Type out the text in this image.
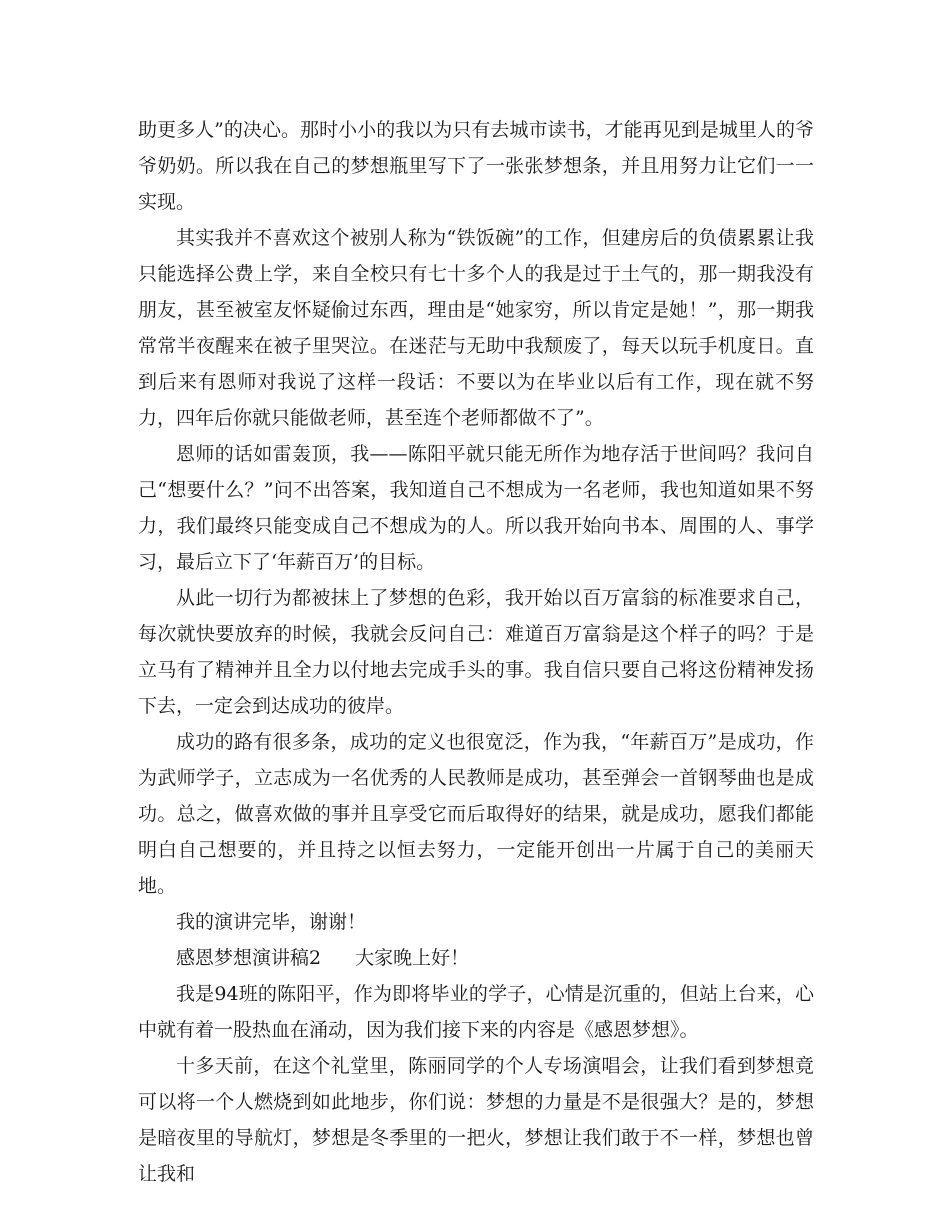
助更多人”的决心。那时小小的我以为只有去城市读书，才能再见到是城里人的爷爷奶奶。所以我在自己的梦想瓶里写下了一张张梦想条，并且用努力让它们一一实现。

其实我并不喜欢这个被别人称为“铁饭碗”的工作，但建房后的负债累累让我只能选择公费上学，来自全校只有七十多个人的我是过于土气的，那一期我没有朋友，甚至被室友怀疑偷过东西，理由是“她家穷，所以肯定是她！”，那一期我常常半夜醒来在被子里哭泣。在迷茫与无助中我颓废了，每天以玩手机度日。直到后来有恩师对我说了这样一段话：不要以为在毕业以后有工作，现在就不努力，四年后你就只能做老师，甚至连个老师都做不了”。

恩师的话如雷轰顶，我——陈阳平就只能无所作为地存活于世间吗？我问自己“想要什么？”问不出答案，我知道自己不想成为一名老师，我也知道如果不努力，我们最终只能变成自己不想成为的人。所以我开始向书本、周围的人、事学习，最后立下了‘年薪百万’的目标。

从此一切行为都被抹上了梦想的色彩，我开始以百万富翁的标准要求自己，每次就快要放弃的时候，我就会反问自己：难道百万富翁是这个样子的吗？于是立马有了精神并且全力以付地去完成手头的事。我自信只要自己将这份精神发扬下去，一定会到达成功的彼岸。

成功的路有很多条，成功的定义也很宽泛，作为我，“年薪百万”是成功，作为武师学子，立志成为一名优秀的人民教师是成功，甚至弹会一首钢琴曲也是成功。总之，做喜欢做的事并且享受它而后取得好的结果，就是成功，愿我们都能明白自己想要的，并且持之以恒去努力，一定能开创出一片属于自己的美丽天地。

我的演讲完毕，谢谢！

感恩梦想演讲稿2 大家晚上好！

我是94班的陈阳平，作为即将毕业的学子，心情是沉重的，但站上台来，心中就有着一股热血在涌动，因为我们接下来的内容是《感恩梦想》。

十多天前，在这个礼堂里，陈丽同学的个人专场演唱会，让我们看到梦想竟可以将一个人燃烧到如此地步，你们说：梦想的力量是不是很强大？是的，梦想是暗夜里的导航灯，梦想是冬季里的一把火，梦想让我们敢于不一样，梦想也曾让我和
